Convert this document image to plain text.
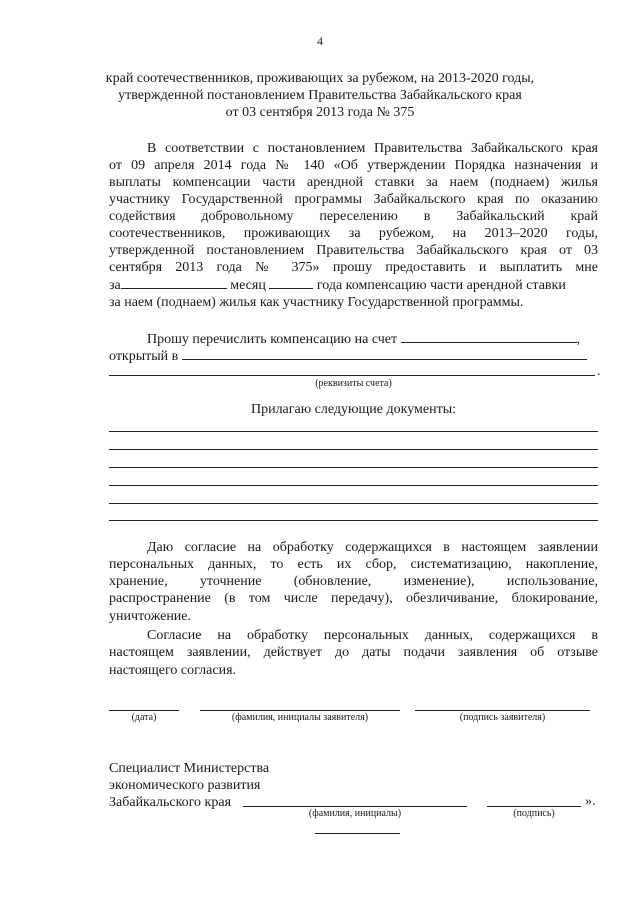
4
край соотечественников, проживающих за рубежом, на 2013-2020 годы,
утвержденной постановлением Правительства Забайкальского края
от 03 сентября 2013 года № 375
В соответствии с постановлением Правительства Забайкальского края
от 09 апреля 2014 года № 140 «Об утверждении Порядка назначения и
выплаты компенсации части арендной ставки за наем (поднаем) жилья
участнику Государственной программы Забайкальского края по оказанию
содействия добровольному переселению в Забайкальский край
соотечественников, проживающих за рубежом, на 2013–2020 годы,
утвержденной постановлением Правительства Забайкальского края от 03
сентября 2013 года № 375» прошу предоставить и выплатить мне
за	месяц	года компенсацию части арендной ставки
за наем (поднаем) жилья как участнику Государственной программы.
Прошу перечислить компенсацию на счет	,
открытый в
.
(реквизиты счета)
Прилагаю следующие документы:
Даю согласие на обработку содержащихся в настоящем заявлении
персональных данных, то есть их сбор, систематизацию, накопление,
хранение, уточнение (обновление, изменение), использование,
распространение (в том числе передачу), обезличивание, блокирование,
уничтожение.
Согласие на обработку персональных данных, содержащихся в
настоящем заявлении, действует до даты подачи заявления об отзыве
настоящего согласия.
(дата)	(фамилия, инициалы заявителя)	(подпись заявителя)
Специалист Министерства
экономического развития
Забайкальского края	».
(фамилия, инициалы)	(подпись)
